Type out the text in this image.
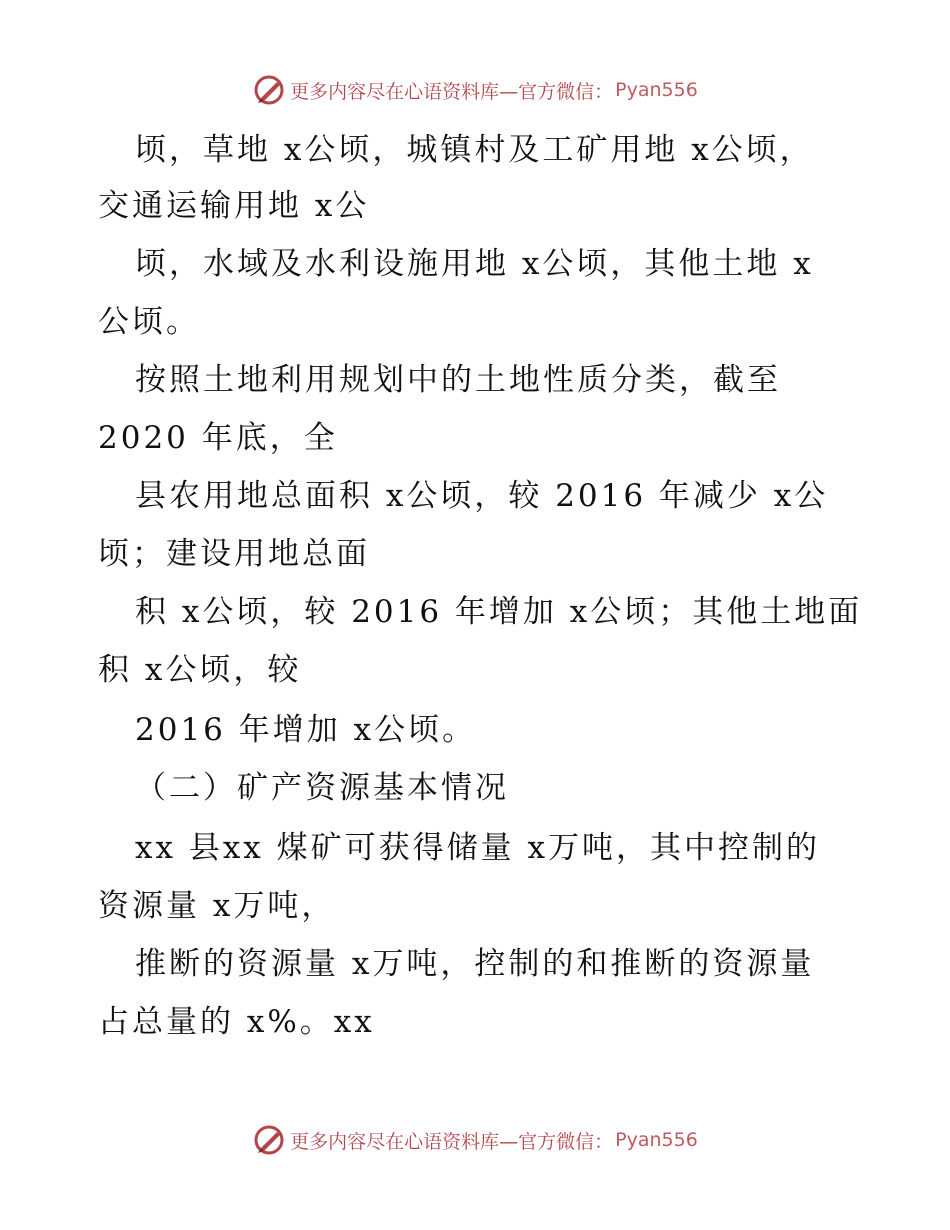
更多内容尽在心语资料库—官方微信： Pyan556
顷，草地 x公顷，城镇村及工矿用地 x公顷，
交通运输用地 x公
顷，水域及水利设施用地 x公顷，其他土地 x
公顷。
按照土地利用规划中的土地性质分类，截至
2020 年底，全
县农用地总面积 x公顷，较 2016 年减少 x公
顷；建设用地总面
积 x公顷，较 2016 年增加 x公顷；其他土地面
积 x公顷，较
2016 年增加 x公顷。
（二）矿产资源基本情况
xx 县xx 煤矿可获得储量 x万吨，其中控制的
资源量 x万吨，
推断的资源量 x万吨，控制的和推断的资源量
占总量的 x%。xx
更多内容尽在心语资料库—官方微信： Pyan556
